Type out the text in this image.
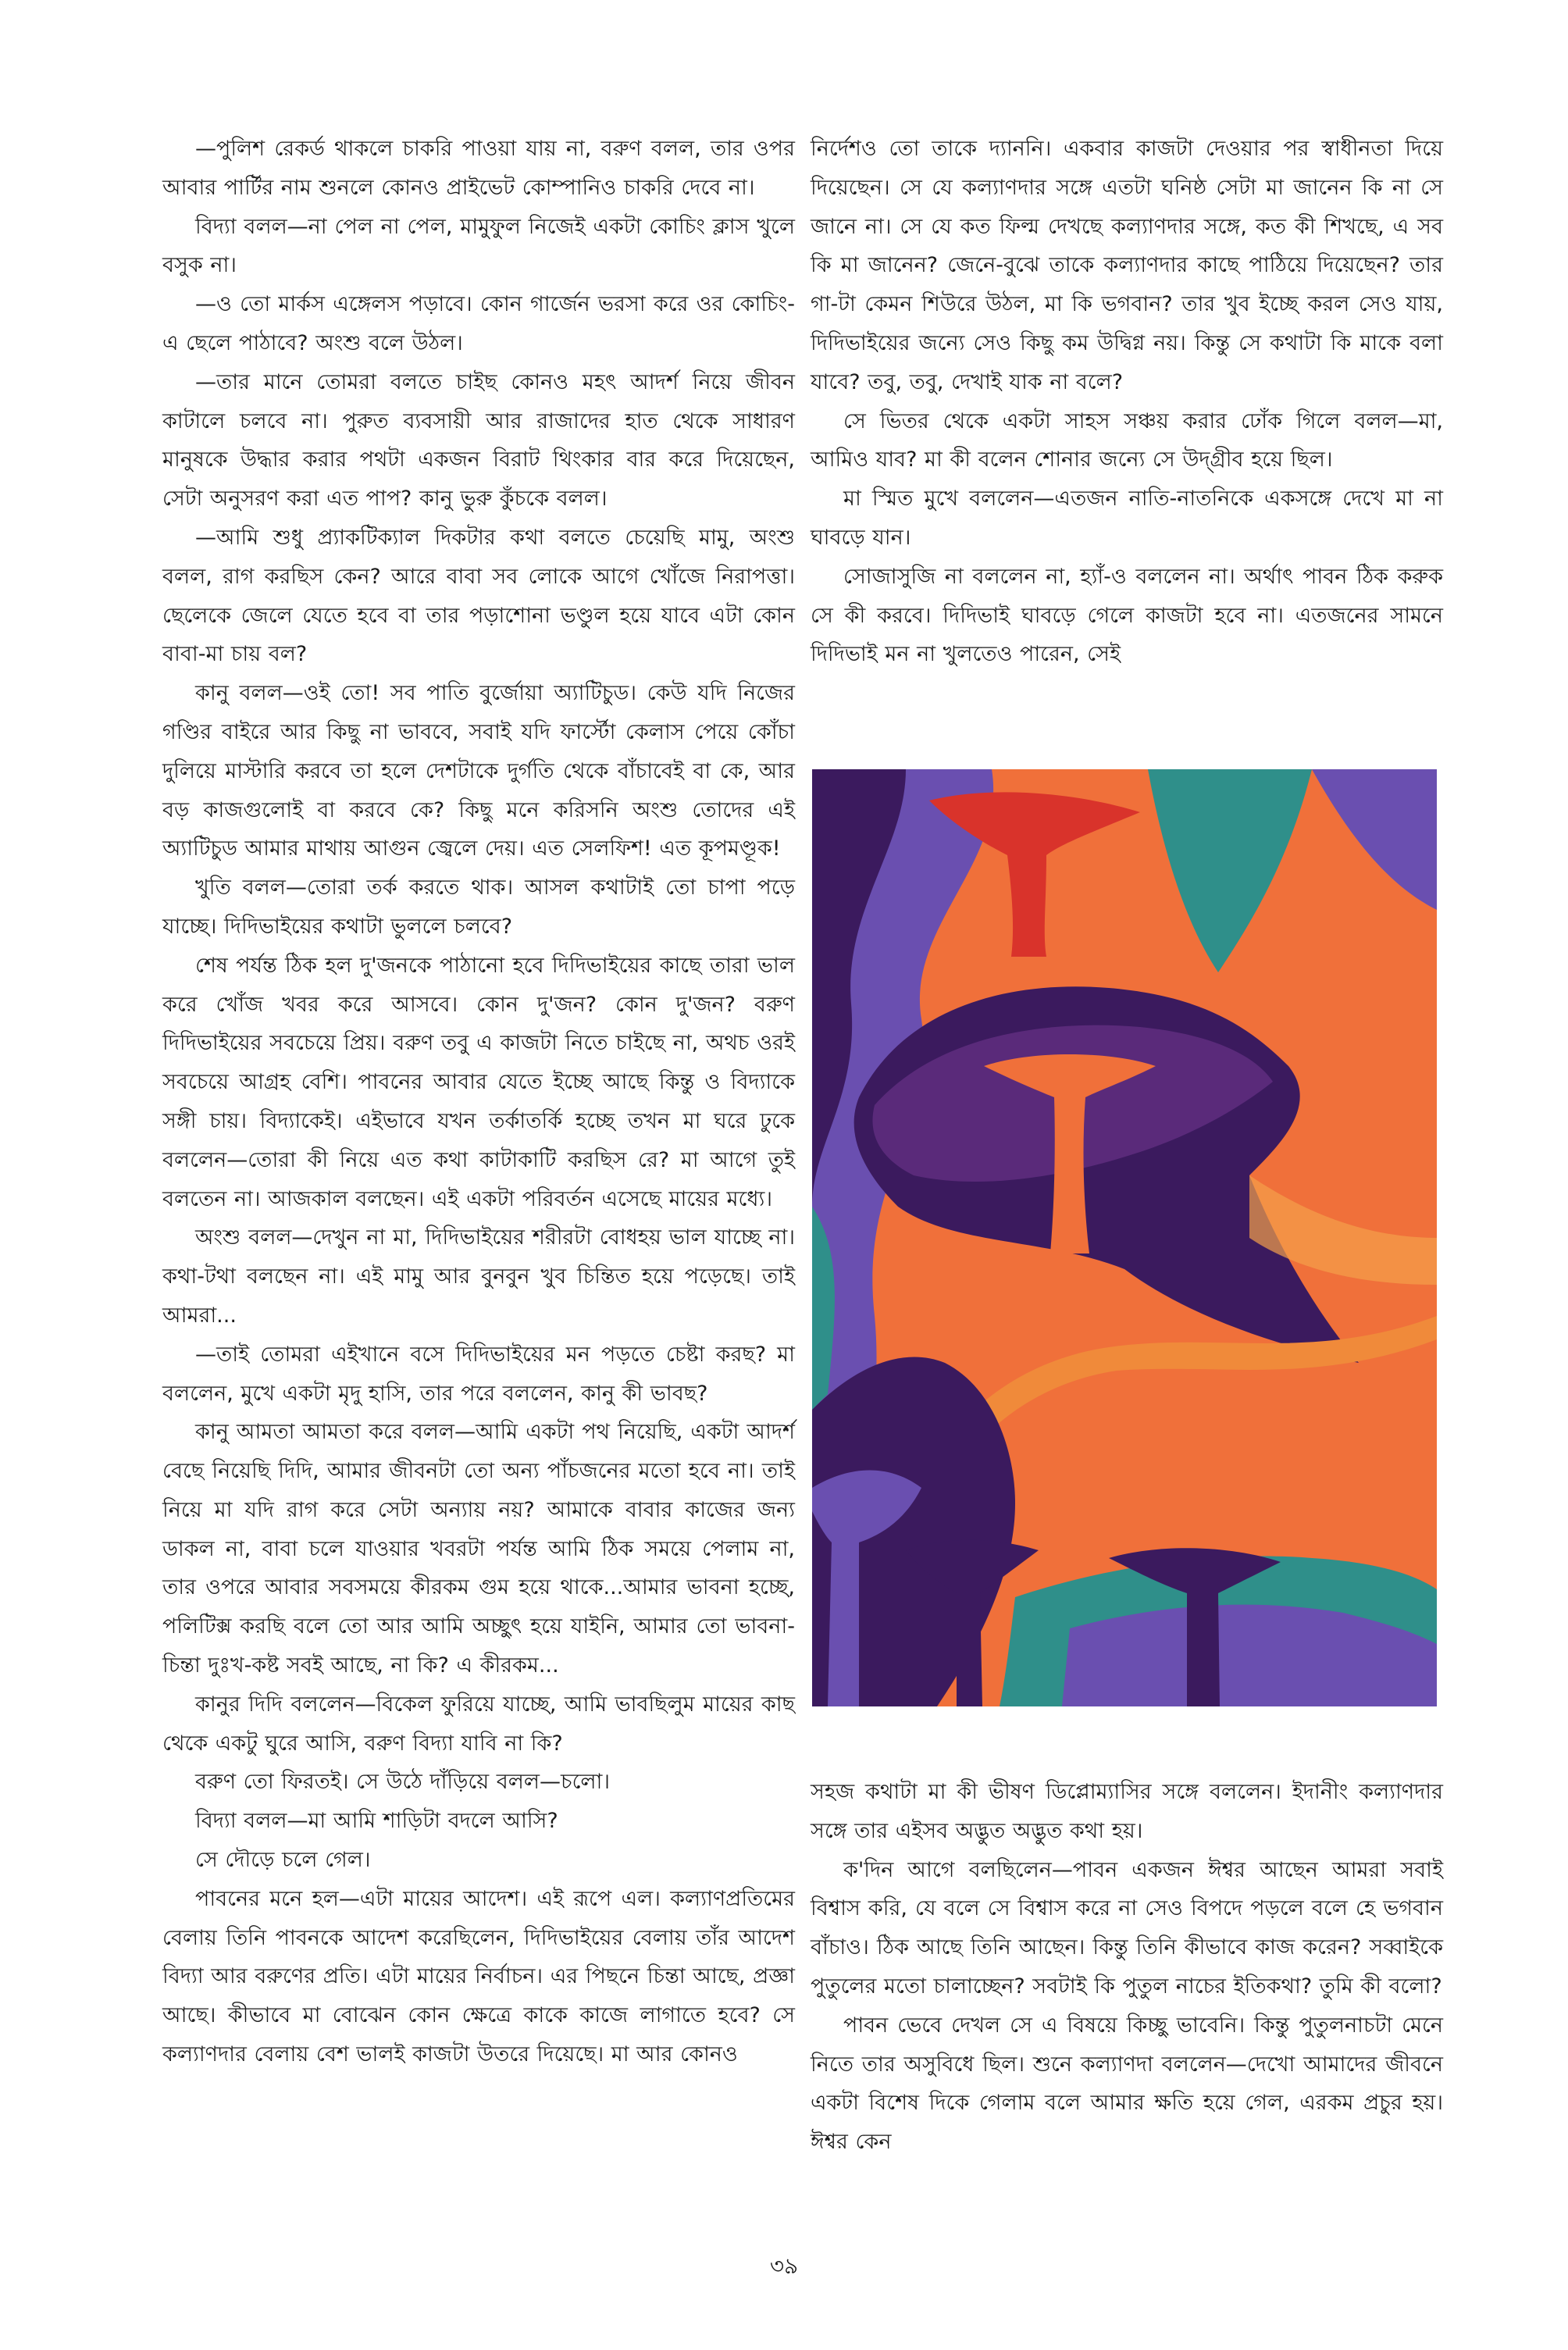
—পুলিশ রেকর্ড থাকলে চাকরি পাওয়া যায় না, বরুণ বলল, তার ওপর আবার পার্টির নাম শুনলে কোনও প্রাইভেট কোম্পানিও চাকরি দেবে না।

বিদ্যা বলল—না পেল না পেল, মামুফুল নিজেই একটা কোচিং ক্লাস খুলে বসুক না।

—ও তো মার্কস এঙ্গেলস পড়াবে। কোন গার্জেন ভরসা করে ওর কোচিং-এ ছেলে পাঠাবে? অংশু বলে উঠল।

—তার মানে তোমরা বলতে চাইছ কোনও মহৎ আদর্শ নিয়ে জীবন কাটালে চলবে না। পুরুত ব্যবসায়ী আর রাজাদের হাত থেকে সাধারণ মানুষকে উদ্ধার করার পথটা একজন বিরাট থিংকার বার করে দিয়েছেন, সেটা অনুসরণ করা এত পাপ? কানু ভুরু কুঁচকে বলল।

—আমি শুধু প্র্যাকটিক্যাল দিকটার কথা বলতে চেয়েছি মামু, অংশু বলল, রাগ করছিস কেন? আরে বাবা সব লোকে আগে খোঁজে নিরাপত্তা। ছেলেকে জেলে যেতে হবে বা তার পড়াশোনা ভণ্ডুল হয়ে যাবে এটা কোন বাবা-মা চায় বল?

কানু বলল—ওই তো! সব পাতি বুর্জোয়া অ্যাটিচুড। কেউ যদি নিজের গণ্ডির বাইরে আর কিছু না ভাববে, সবাই যদি ফার্স্টো কেলাস পেয়ে কোঁচা দুলিয়ে মাস্টারি করবে তা হলে দেশটাকে দুর্গতি থেকে বাঁচাবেই বা কে, আর বড় কাজগুলোই বা করবে কে? কিছু মনে করিসনি অংশু তোদের এই অ্যাটিচুড আমার মাথায় আগুন জ্বেলে দেয়। এত সেলফিশ! এত কূপমণ্ডূক!

খুতি বলল—তোরা তর্ক করতে থাক। আসল কথাটাই তো চাপা পড়ে যাচ্ছে। দিদিভাইয়ের কথাটা ভুললে চলবে?

শেষ পর্যন্ত ঠিক হল দু'জনকে পাঠানো হবে দিদিভাইয়ের কাছে তারা ভাল করে খোঁজ খবর করে আসবে। কোন দু'জন? কোন দু'জন? বরুণ দিদিভাইয়ের সবচেয়ে প্রিয়। বরুণ তবু এ কাজটা নিতে চাইছে না, অথচ ওরই সবচেয়ে আগ্রহ বেশি। পাবনের আবার যেতে ইচ্ছে আছে কিন্তু ও বিদ্যাকে সঙ্গী চায়। বিদ্যাকেই। এইভাবে যখন তর্কাতর্কি হচ্ছে তখন মা ঘরে ঢুকে বললেন—তোরা কী নিয়ে এত কথা কাটাকাটি করছিস রে? মা আগে তুই বলতেন না। আজকাল বলছেন। এই একটা পরিবর্তন এসেছে মায়ের মধ্যে।

অংশু বলল—দেখুন না মা, দিদিভাইয়ের শরীরটা বোধহয় ভাল যাচ্ছে না। কথা-টথা বলছেন না। এই মামু আর বুনবুন খুব চিন্তিত হয়ে পড়েছে। তাই আমরা...

—তাই তোমরা এইখানে বসে দিদিভাইয়ের মন পড়তে চেষ্টা করছ? মা বললেন, মুখে একটা মৃদু হাসি, তার পরে বললেন, কানু কী ভাবছ?

কানু আমতা আমতা করে বলল—আমি একটা পথ নিয়েছি, একটা আদর্শ বেছে নিয়েছি দিদি, আমার জীবনটা তো অন্য পাঁচজনের মতো হবে না। তাই নিয়ে মা যদি রাগ করে সেটা অন্যায় নয়? আমাকে বাবার কাজের জন্য ডাকল না, বাবা চলে যাওয়ার খবরটা পর্যন্ত আমি ঠিক সময়ে পেলাম না, তার ওপরে আবার সবসময়ে কীরকম গুম হয়ে থাকে...আমার ভাবনা হচ্ছে, পলিটিক্স করছি বলে তো আর আমি অচ্ছুৎ হয়ে যাইনি, আমার তো ভাবনা-চিন্তা দুঃখ-কষ্ট সবই আছে, না কি? এ কীরকম...

কানুর দিদি বললেন—বিকেল ফুরিয়ে যাচ্ছে, আমি ভাবছিলুম মায়ের কাছ থেকে একটু ঘুরে আসি, বরুণ বিদ্যা যাবি না কি?

বরুণ তো ফিরতই। সে উঠে দাঁড়িয়ে বলল—চলো।

বিদ্যা বলল—মা আমি শাড়িটা বদলে আসি?

সে দৌড়ে চলে গেল।

পাবনের মনে হল—এটা মায়ের আদেশ। এই রূপে এল। কল্যাণপ্রতিমের বেলায় তিনি পাবনকে আদেশ করেছিলেন, দিদিভাইয়ের বেলায় তাঁর আদেশ বিদ্যা আর বরুণের প্রতি। এটা মায়ের নির্বাচন। এর পিছনে চিন্তা আছে, প্রজ্ঞা আছে। কীভাবে মা বোঝেন কোন ক্ষেত্রে কাকে কাজে লাগাতে হবে? সে কল্যাণদার বেলায় বেশ ভালই কাজটা উতরে দিয়েছে। মা আর কোনও

নির্দেশও তো তাকে দ্যাননি। একবার কাজটা দেওয়ার পর স্বাধীনতা দিয়ে দিয়েছেন। সে যে কল্যাণদার সঙ্গে এতটা ঘনিষ্ঠ সেটা মা জানেন কি না সে জানে না। সে যে কত ফিল্ম দেখছে কল্যাণদার সঙ্গে, কত কী শিখছে, এ সব কি মা জানেন? জেনে-বুঝে তাকে কল্যাণদার কাছে পাঠিয়ে দিয়েছেন? তার গা-টা কেমন শিউরে উঠল, মা কি ভগবান? তার খুব ইচ্ছে করল সেও যায়, দিদিভাইয়ের জন্যে সেও কিছু কম উদ্বিগ্ন নয়। কিন্তু সে কথাটা কি মাকে বলা যাবে? তবু, তবু, দেখাই যাক না বলে?

সে ভিতর থেকে একটা সাহস সঞ্চয় করার ঢোঁক গিলে বলল—মা, আমিও যাব? মা কী বলেন শোনার জন্যে সে উদ্গ্রীব হয়ে ছিল।

মা স্মিত মুখে বললেন—এতজন নাতি-নাতনিকে একসঙ্গে দেখে মা না ঘাবড়ে যান।

সোজাসুজি না বললেন না, হ্যাঁ-ও বললেন না। অর্থাৎ পাবন ঠিক করুক সে কী করবে। দিদিভাই ঘাবড়ে গেলে কাজটা হবে না। এতজনের সামনে দিদিভাই মন না খুলতেও পারেন, সেই

সহজ কথাটা মা কী ভীষণ ডিপ্লোম্যাসির সঙ্গে বললেন। ইদানীং কল্যাণদার সঙ্গে তার এইসব অদ্ভুত অদ্ভুত কথা হয়।

ক'দিন আগে বলছিলেন—পাবন একজন ঈশ্বর আছেন আমরা সবাই বিশ্বাস করি, যে বলে সে বিশ্বাস করে না সেও বিপদে পড়লে বলে হে ভগবান বাঁচাও। ঠিক আছে তিনি আছেন। কিন্তু তিনি কীভাবে কাজ করেন? সব্বাইকে পুতুলের মতো চালাচ্ছেন? সবটাই কি পুতুল নাচের ইতিকথা? তুমি কী বলো?

পাবন ভেবে দেখল সে এ বিষয়ে কিচ্ছু ভাবেনি। কিন্তু পুতুলনাচটা মেনে নিতে তার অসুবিধে ছিল। শুনে কল্যাণদা বললেন—দেখো আমাদের জীবনে একটা বিশেষ দিকে গেলাম বলে আমার ক্ষতি হয়ে গেল, এরকম প্রচুর হয়। ঈশ্বর কেন

৩৯
